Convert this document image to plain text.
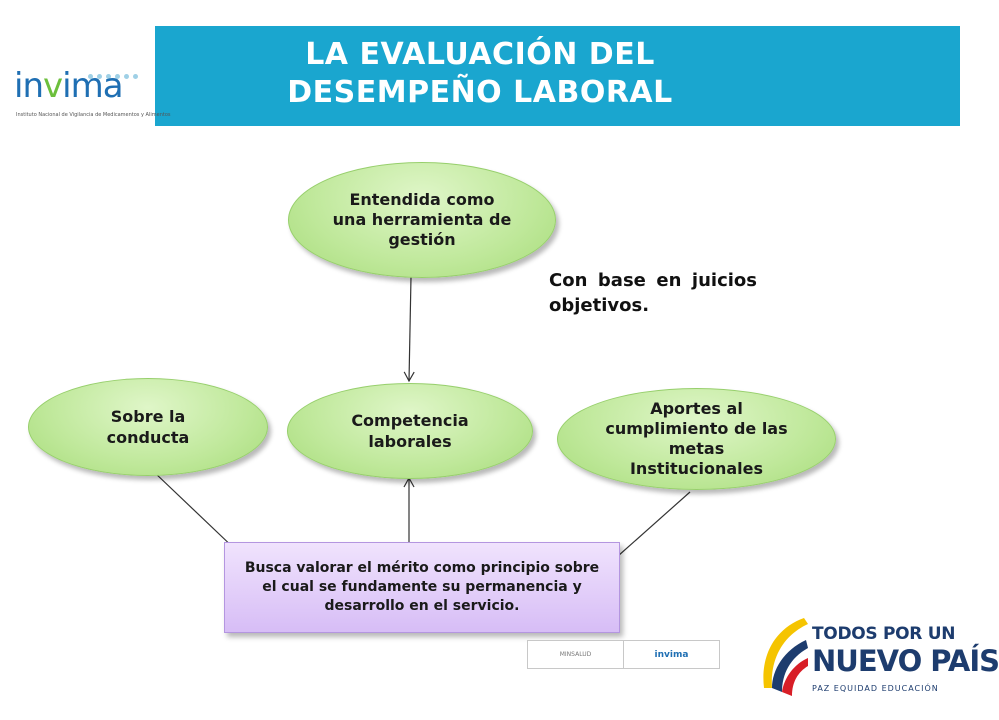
LA EVALUACIÓN DEL
DESEMPEÑO LABORAL
invima
Instituto Nacional de Vigilancia de Medicamentos y Alimentos
Entendida como una herramienta de gestión
Sobre la conducta
Competencia laborales
Aportes al cumplimiento de las metas Institucionales
Con base en juicios objetivos.
Busca valorar el mérito como principio sobre el cual se fundamente su permanencia y desarrollo en el servicio.
MINSALUD	invima
TODOS POR UN
NUEVO PAÍS
PAZ EQUIDAD EDUCACIÓN
